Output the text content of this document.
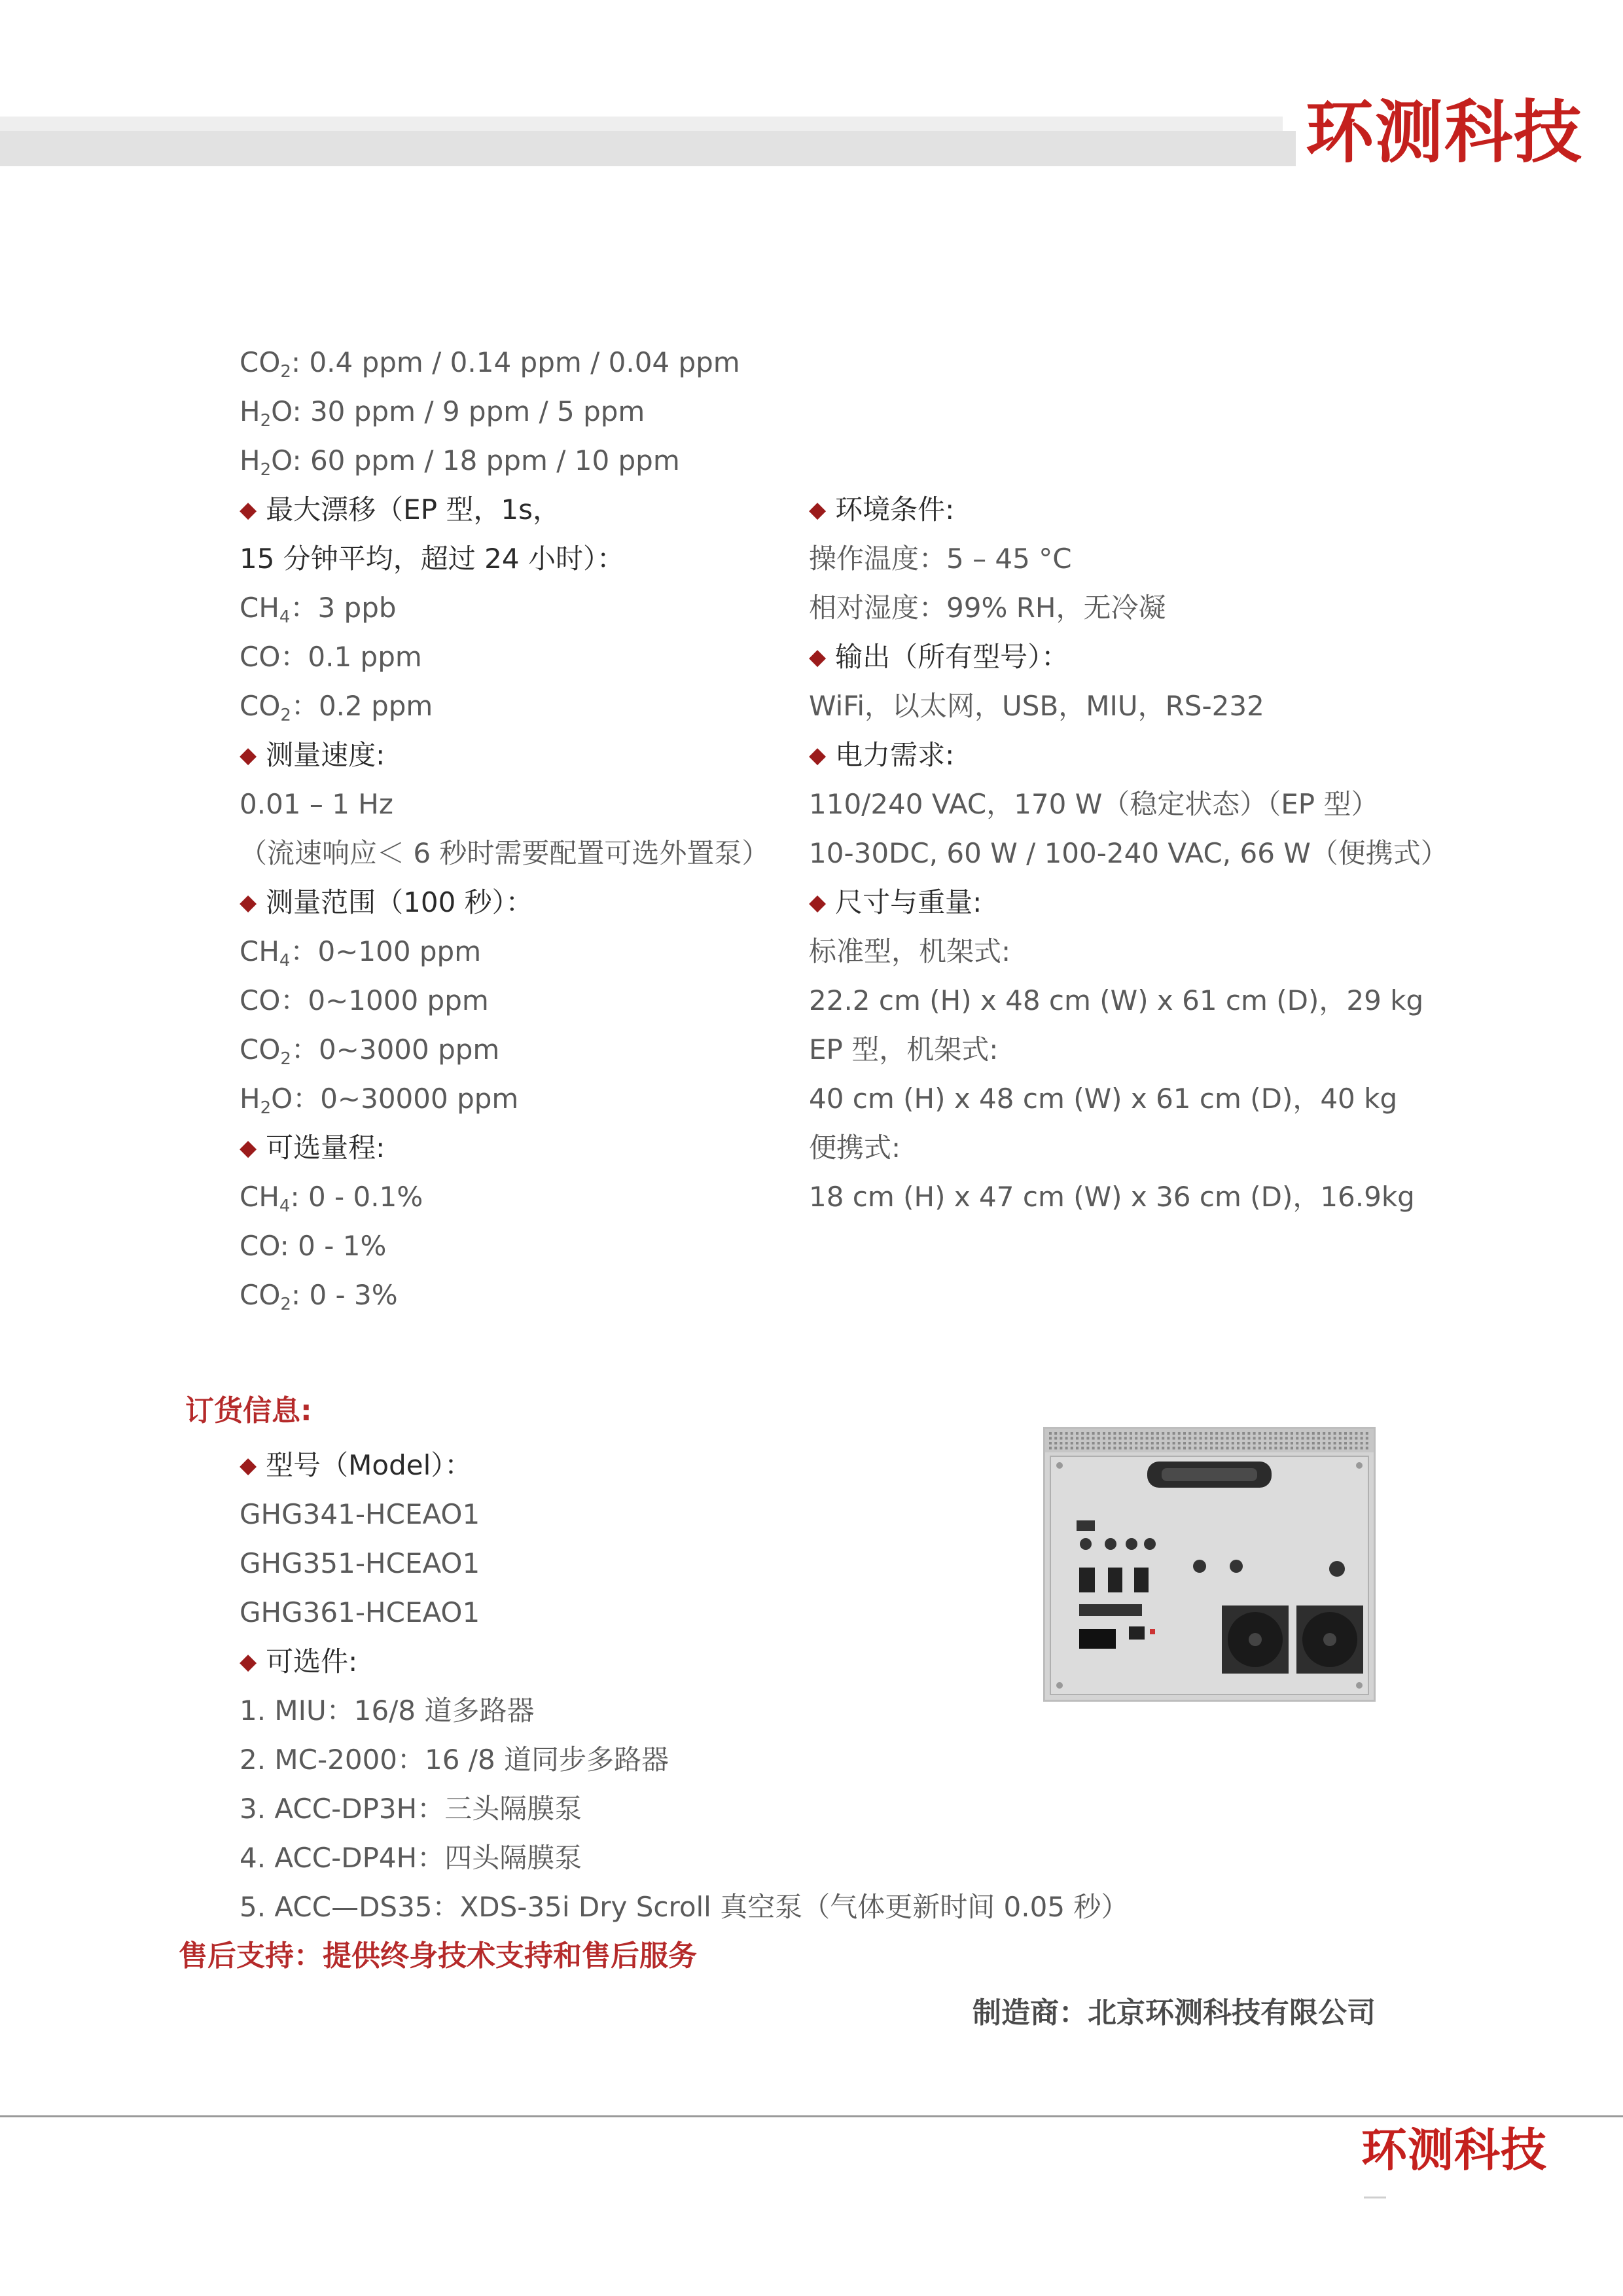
环测科技
$CO_2$: 0.4 ppm / 0.14 ppm / 0.04 ppm
$H_2O$: 30 ppm / 9 ppm / 5 ppm
$H_2O$: 60 ppm / 18 ppm / 10 ppm
◆ 最大漂移（EP 型，1s，
15 分钟平均，超过 24 小时）：
$CH_4$：3 ppb
CO：0.1 ppm
$CO_2$：0.2 ppm
◆ 测量速度:
0.01 – 1 Hz
（流速响应＜ 6 秒时需要配置可选外置泵）
◆ 测量范围（100 秒）：
$CH_4$：0~100 ppm
CO：0~1000 ppm
$CO_2$：0~3000 ppm
$H_2O$：0~30000 ppm
◆ 可选量程:
$CH_4$: 0 - 0.1%
CO: 0 - 1%
$CO_2$: 0 - 3%
◆ 环境条件:
操作温度：5 – 45 °C
相对湿度：99% RH，无冷凝
◆ 输出（所有型号）：
WiFi，以太网，USB，MIU，RS-232
◆ 电力需求:
110/240 VAC，170 W（稳定状态）（EP 型）
10-30DC, 60 W / 100-240 VAC, 66 W（便携式）
◆ 尺寸与重量:
标准型，机架式:
22.2 cm (H) x 48 cm (W) x 61 cm (D)，29 kg
EP 型，机架式:
40 cm (H) x 48 cm (W) x 61 cm (D)，40 kg
便携式:
18 cm (H) x 47 cm (W) x 36 cm (D)，16.9kg
订货信息:
◆ 型号（Model）：
GHG341-HCEAO1
GHG351-HCEAO1
GHG361-HCEAO1
◆ 可选件:
1. MIU：16/8 道多路器
2. MC-2000：16 /8 道同步多路器
3. ACC-DP3H：三头隔膜泵
4. ACC-DP4H：四头隔膜泵
5. ACC—DS35：XDS-35i Dry Scroll 真空泵（气体更新时间 0.05 秒）
售后支持：提供终身技术支持和售后服务
制造商：北京环测科技有限公司
环测科技
